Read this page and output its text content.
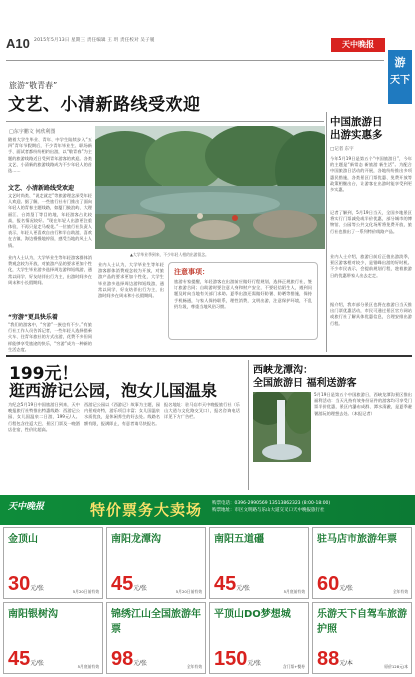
A10 2015年5月13日 星期三 责任编辑 王 玥 责任校对 吴子履	天中晚报
游
天下
旅游“敬青春”
文艺、小清新路线受欢迎
□东宇鹏文 何欣利图
随着大学生毕业、青年、中学生陆续步入“五四”青年节假期后，不少青年毕业生、职场新手、面试者都纷纷相约出游，以“敬青春”为主题的旅游线路近日受到青年游客的欢迎。各类文艺、小清新的旅游线路成为不少年轻人的首选……
文艺、小清新路线受欢迎
文艺时尚类、“说走就走”等旅游理念深受年轻人欢迎。据了解，一些旅行社专门推出了面向年轻人的青春主题线路，如厦门鼓浪屿、大理丽江、台湾垦丁等目的地，年轻游客占比较高，报名情况较好。“现在年轻人出游更注重体验，不再只是走马观花。”一位旅行社负责人表示，年轻人更喜欢自由行和半自助游，喜欢在古镇、海边慢慢地停留，感受当地的风土人情。
业内人士认为，大学毕业生等年轻游客群体消费观念较为开放，对旅游产品的要求更加个性化，大学生毕业游多选择周边游和短线游，通常以同学、好友结伴出行为主，出游时间多在周末和小长假期间。
“穷游”更具快乐着
“我们的游客中，“穷游”一族也有不少。”有旅行社工作人员告诉记者，一些年轻人选择搭乘火车、住青年旅社的方式出游，花费不多但同样能够享受旅途的快乐，“穷游”成为一种新的生活态度。
▲大学毕业季到来，不少年轻人相约出游留念。
业内人士认为，大学毕业生等年轻游客群体消费观念较为开放，对旅游产品的要求更加个性化，大学生毕业游多选择周边游和短线游，通常以同学、好友结伴出行为主，出游时间多在周末和小长假期间。
注意事项：
旅游专家提醒，年轻游客在出游前应做好行程规划，选择正规旅行社，签订旅游合同；自助游时要注意人身和财产安全，不要轻信陌生人，遇到问题及时向当地有关部门求助。夏季出游还需做好防暑、防晒等措施，保持手机畅通，与家人保持联系，理性消费，文明出游，注意保护环境，不乱扔垃圾，尊重当地风俗习惯。
中国旅游日
出游实惠多
□记者 东宇
今年5月19日是第五个“中国旅游日”，今年的主题是“新常态 新旅游 新生活”。为配合中国旅游日活动的开展，各地纷纷推出多项惠民措施，各类景区门票优惠、免费开放等政策相继出台，让游客在出游时能享受到更多实惠。
记者了解到，5月19日当天，全国多地景区将实行门票减免或半价优惠，部分城市的博物馆、公园等公共文化场所将免费开放，旅行社也推出了一系列特价线路产品。
业内人士介绍，旅游日前后正值出游淡季，景区游客相对较少，是错峰出游的好时机。不少市民表示，会提前规划行程，趁着旅游日的优惠带家人出去走走。
据介绍，我市部分景区也将在旅游日当天推出门票优惠活动，市民可通过景区官方网站或旅行社了解具体优惠信息，合理安排出游行程。
199元！
逛西游记公园，泡女儿国温泉
为纪念5月19日中国旅游日到来，天中晚报旅行社特推出特惠线路：西游记公园、女儿国温泉二日游，199元/人。行程包含往返大巴、景区门票及一晚酒店住宿，性价比超高。
西游记公园以《西游记》故事为主题，园内景观奇特，游乐项目丰富；女儿国温泉水质优良，是休闲养生的好去处。线路名额有限，报满即止，有意者请尽快报名。
报名地址：驻马店市天中晚报旅行社（乐山大道与文化路交叉口），报名咨询电话详见下方广告栏。
西峡龙潭沟：
全国旅游日 福利送游客
5月19日是第五个中国旅游日，西峡龙潭沟景区推出福利活动：当天凡持有效身份证件的游客均可享受门票半价优惠，景区内瀑布成群、潭水清澈，是夏季避暑游玩的理想去处。（本报记者）
天中晚报	特价票务大卖场 购票电话：0396-2990569 13513862323 (8:00-18:00)
购票地址：市区文明路与乐山大道交叉口天中晚报旅行社
金顶山
30元/张	5月20日前有效
南阳龙潭沟
45元/张	5月20日前有效
南阳五道礓
45元/张	5月底前有效
驻马店市旅游年票
60元/张	全年有效
南阳银树沟
45元/张	5月底前有效
锦绣江山全国旅游年票
98元/张	全年有效
平顶山DO梦想城
150元/张	含门票+餐券
乐游天下自驾车旅游护照
88元/本	原价128元/本
